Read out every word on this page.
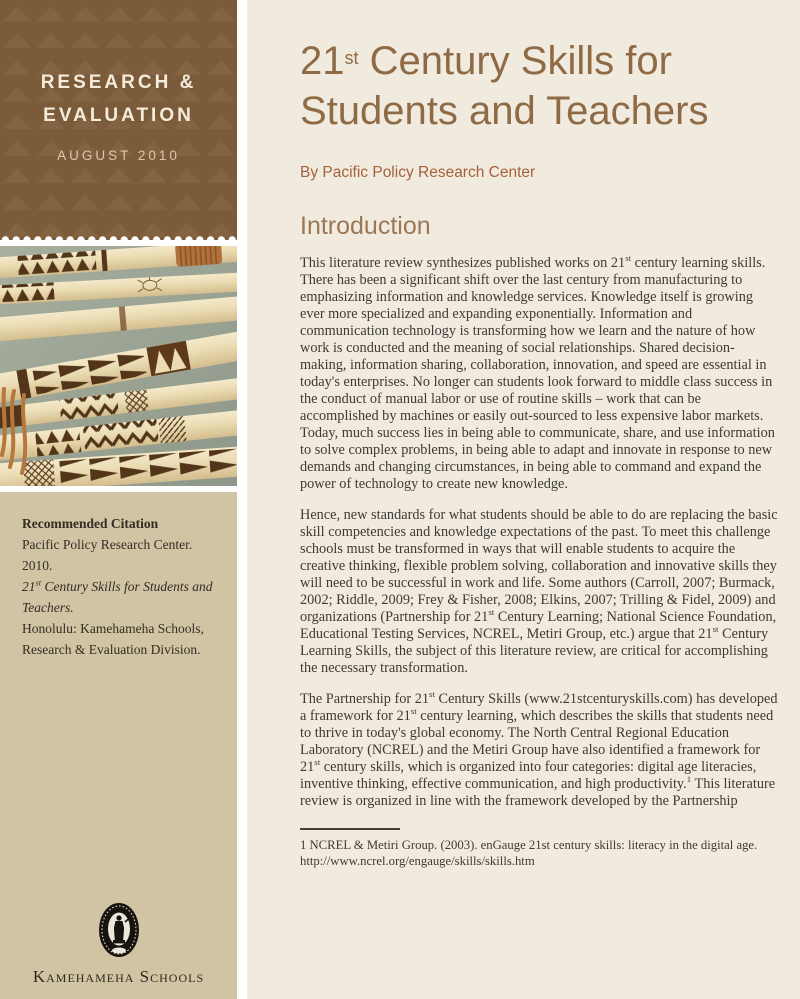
RESEARCH &
EVALUATION
AUGUST 2010
Recommended Citation
Pacific Policy Research Center. 2010.
21st Century Skills for Students and Teachers.
Honolulu: Kamehameha Schools,
Research & Evaluation Division.
Kamehameha Schools
21st Century Skills for
Students and Teachers
By Pacific Policy Research Center
Introduction

This literature review synthesizes published works on 21st century learning skills. There has been a significant shift over the last century from manufacturing to emphasizing information and knowledge services. Knowledge itself is growing ever more specialized and expanding exponentially. Information and communication technology is transforming how we learn and the nature of how work is conducted and the meaning of social relationships. Shared decision-making, information sharing, collaboration, innovation, and speed are essential in today's enterprises. No longer can students look forward to middle class success in the conduct of manual labor or use of routine skills – work that can be accomplished by machines or easily out-sourced to less expensive labor markets. Today, much success lies in being able to communicate, share, and use information to solve complex problems, in being able to adapt and innovate in response to new demands and changing circumstances, in being able to command and expand the power of technology to create new knowledge.

Hence, new standards for what students should be able to do are replacing the basic skill competencies and knowledge expectations of the past. To meet this challenge schools must be transformed in ways that will enable students to acquire the creative thinking, flexible problem solving, collaboration and innovative skills they will need to be successful in work and life. Some authors (Carroll, 2007; Burmack, 2002; Riddle, 2009; Frey & Fisher, 2008; Elkins, 2007; Trilling & Fidel, 2009) and organizations (Partnership for 21st Century Learning; National Science Foundation, Educational Testing Services, NCREL, Metiri Group, etc.) argue that 21st Century Learning Skills, the subject of this literature review, are critical for accomplishing the necessary transformation.

The Partnership for 21st Century Skills (www.21stcenturyskills.com) has developed a framework for 21st century learning, which describes the skills that students need to thrive in today's global economy. The North Central Regional Education Laboratory (NCREL) and the Metiri Group have also identified a framework for 21st century skills, which is organized into four categories: digital age literacies, inventive thinking, effective communication, and high productivity.$^1$ This literature review is organized in line with the framework developed by the Partnership

1 NCREL & Metiri Group. (2003). enGauge 21st century skills: literacy in the digital age. http://www.ncrel.org/engauge/skills/skills.htm
